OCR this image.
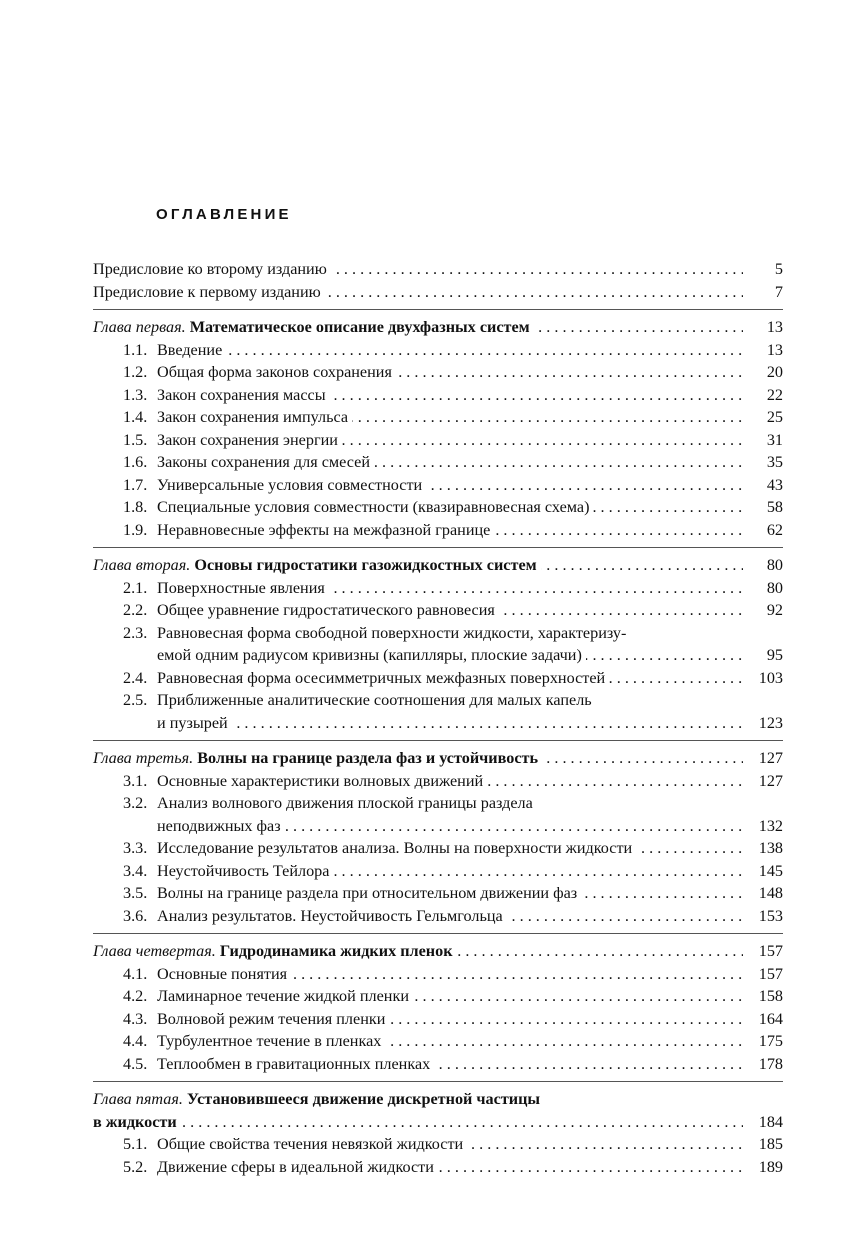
ОГЛАВЛЕНИЕ
. . .
Предисловие ко второму изданию	5
. . .
Предисловие к первому изданию	7
. . .
Глава первая. Математическое описание двухфазных систем	13
. . .
1.1. Введение	13
. . .
1.2. Общая форма законов сохранения	20
. . .
1.3. Закон сохранения массы	22
. . .
1.4. Закон сохранения импульса	25
. . .
1.5. Закон сохранения энергии	31
. . .
1.6. Законы сохранения для смесей	35
. . .
1.7. Универсальные условия совместности	43
. . .
1.8. Специальные условия совместности (квазиравновесная схема)	58
. . .
1.9. Неравновесные эффекты на межфазной границе	62
. . .
Глава вторая. Основы гидростатики газожидкостных систем	80
. . .
2.1. Поверхностные явления	80
. . .
2.2. Общее уравнение гидростатического равновесия	92
2.3. Равновесная форма свободной поверхности жидкости, характеризу-
. . .
емой одним радиусом кривизны (капилляры, плоские задачи)	95
. . .
2.4. Равновесная форма осесимметричных межфазных поверхностей	103
2.5. Приближенные аналитические соотношения для малых капель
. . .
и пузырей	123
. . .
Глава третья. Волны на границе раздела фаз и устойчивость	127
. . .
3.1. Основные характеристики волновых движений	127
3.2. Анализ волнового движения плоской границы раздела
. . .
неподвижных фаз	132
. . .
3.3. Исследование результатов анализа. Волны на поверхности жидкости	138
. . .
3.4. Неустойчивость Тейлора	145
. . .
3.5. Волны на границе раздела при относительном движении фаз	148
. . .
3.6. Анализ результатов. Неустойчивость Гельмгольца	153
. . .
Глава четвертая. Гидродинамика жидких пленок	157
. . .
4.1. Основные понятия	157
. . .
4.2. Ламинарное течение жидкой пленки	158
. . .
4.3. Волновой режим течения пленки	164
. . .
4.4. Турбулентное течение в пленках	175
. . .
4.5. Теплообмен в гравитационных пленках	178
Глава пятая. Установившееся движение дискретной частицы
. . .
в жидкости	184
. . .
5.1. Общие свойства течения невязкой жидкости	185
. . .
5.2. Движение сферы в идеальной жидкости	189
